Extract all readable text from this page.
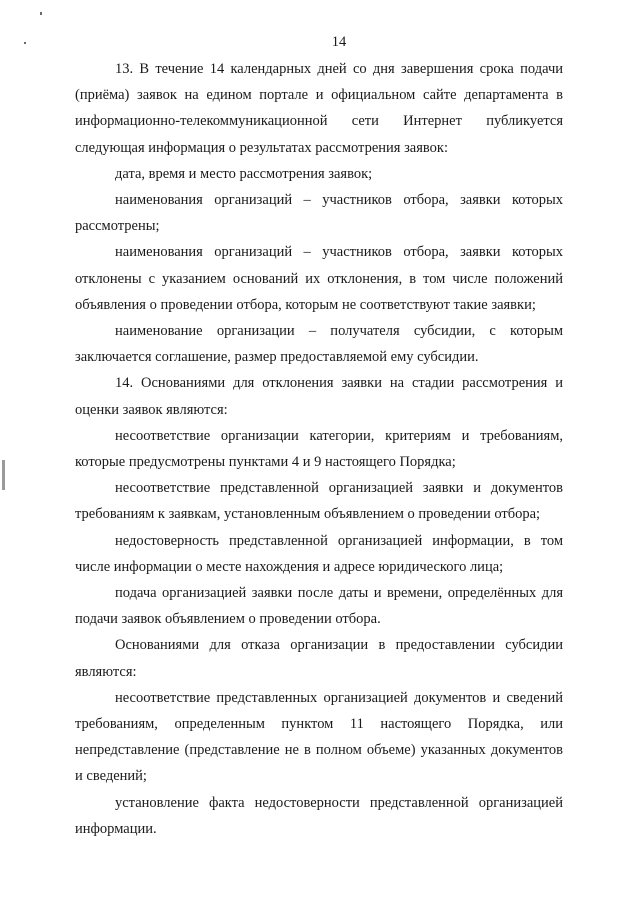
14

13. В течение 14 календарных дней со дня завершения срока подачи (приёма) заявок на едином портале и официальном сайте департамента в информационно-телекоммуникационной сети Интернет публикуется следующая информация о результатах рассмотрения заявок:

дата, время и место рассмотрения заявок;

наименования организаций – участников отбора, заявки которых рассмотрены;

наименования организаций – участников отбора, заявки которых отклонены с указанием оснований их отклонения, в том числе положений объявления о проведении отбора, которым не соответствуют такие заявки;

наименование организации – получателя субсидии, с которым заключается соглашение, размер предоставляемой ему субсидии.

14. Основаниями для отклонения заявки на стадии рассмотрения и оценки заявок являются:

несоответствие организации категории, критериям и требованиям, которые предусмотрены пунктами 4 и 9 настоящего Порядка;

несоответствие представленной организацией заявки и документов требованиям к заявкам, установленным объявлением о проведении отбора;

недостоверность представленной организацией информации, в том числе информации о месте нахождения и адресе юридического лица;

подача организацией заявки после даты и времени, определённых для подачи заявок объявлением о проведении отбора.

Основаниями для отказа организации в предоставлении субсидии являются:

несоответствие представленных организацией документов и сведений требованиям, определенным пунктом 11 настоящего Порядка, или непредставление (представление не в полном объеме) указанных документов и сведений;

установление факта недостоверности представленной организацией информации.
